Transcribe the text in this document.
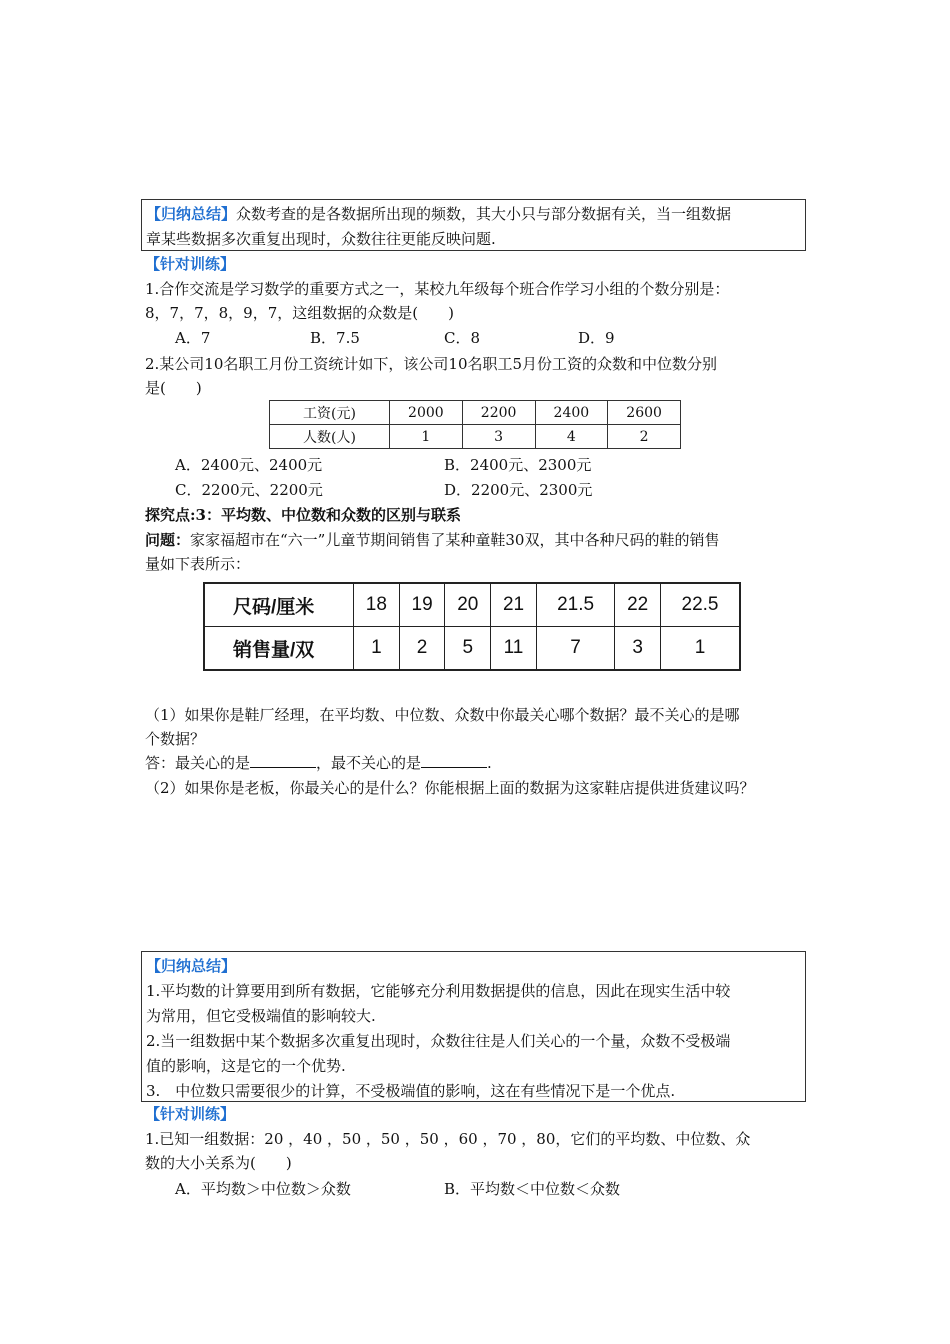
【归纳总结】众数考查的是各数据所出现的频数，其大小只与部分数据有关，当一组数据
章某些数据多次重复出现时，众数往往更能反映问题.
【针对训练】
1.合作交流是学习数学的重要方式之一，某校九年级每个班合作学习小组的个数分别是：
8，7，7，8，9，7，这组数据的众数是(　　)
A．7	B．7.5	C．8	D．9
2.某公司10名职工月份工资统计如下，该公司10名职工5月份工资的众数和中位数分别
是(　　)
工资(元)	2000	2200	2400	2600
人数(人)	1	3	4	2
A．2400元、2400元	B．2400元、2300元
C．2200元、2200元	D．2200元、2300元
探究点:3：平均数、中位数和众数的区别与联系
问题：家家福超市在“六一”儿童节期间销售了某种童鞋30双，其中各种尺码的鞋的销售
量如下表所示：
尺码/厘米	18	19	20	21	21.5	22	22.5
销售量/双	1	2	5	11	7	3	1
（1）如果你是鞋厂经理，在平均数、中位数、众数中你最关心哪个数据？最不关心的是哪
个数据？
答：最关心的是	，最不关心的是	.
（2）如果你是老板，你最关心的是什么？你能根据上面的数据为这家鞋店提供进货建议吗？
【归纳总结】
1.平均数的计算要用到所有数据，它能够充分利用数据提供的信息，因此在现实生活中较
为常用，但它受极端值的影响较大.
2.当一组数据中某个数据多次重复出现时，众数往往是人们关心的一个量，众数不受极端
值的影响，这是它的一个优势.
3.　中位数只需要很少的计算，不受极端值的影响，这在有些情况下是一个优点.
【针对训练】
1.已知一组数据：20 ，40 ，50 ，50 ，50 ，60 ，70 ，80，它们的平均数、中位数、众
数的大小关系为(　　)
A．平均数＞中位数＞众数	B．平均数＜中位数＜众数
